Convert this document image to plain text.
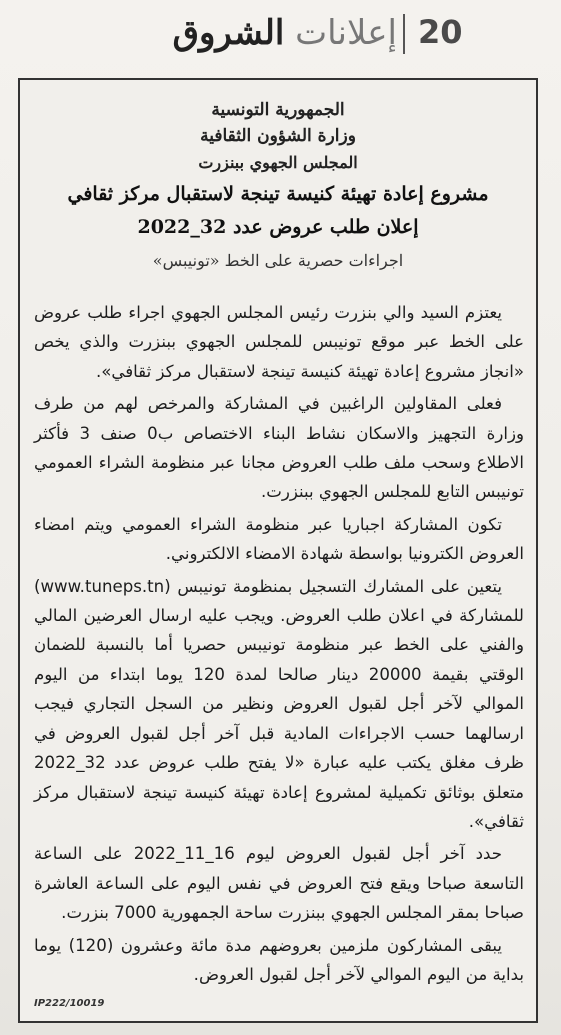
إعلانات الشروق	20
الجمهورية التونسية
وزارة الشؤون الثقافية
المجلس الجهوي ببنزرت
مشروع إعادة تهيئة كنيسة تينجة لاستقبال مركز ثقافي
إعلان طلب عروض عدد 32_2022
اجراءات حصرية على الخط «تونيبس»

يعتزم السيد والي بنزرت رئيس المجلس الجهوي اجراء طلب عروض على الخط عبر موقع تونيبس للمجلس الجهوي ببنزرت والذي يخص «انجاز مشروع إعادة تهيئة كنيسة تينجة لاستقبال مركز ثقافي».

فعلى المقاولين الراغبين في المشاركة والمرخص لهم من طرف وزارة التجهيز والاسكان نشاط البناء الاختصاص ب0 صنف 3 فأكثر الاطلاع وسحب ملف طلب العروض مجانا عبر منظومة الشراء العمومي تونيبس التابع للمجلس الجهوي ببنزرت.

تكون المشاركة اجباريا عبر منظومة الشراء العمومي ويتم امضاء العروض الكترونيا بواسطة شهادة الامضاء الالكتروني.

يتعين على المشارك التسجيل بمنظومة تونيبس (www.tuneps.tn) للمشاركة في اعلان طلب العروض. ويجب عليه ارسال العرضين المالي والفني على الخط عبر منظومة تونيبس حصريا أما بالنسبة للضمان الوقتي بقيمة 20000 دينار صالحا لمدة 120 يوما ابتداء من اليوم الموالي لآخر أجل لقبول العروض ونظير من السجل التجاري فيجب ارسالهما حسب الاجراءات المادية قبل آخر أجل لقبول العروض في ظرف مغلق يكتب عليه عبارة «لا يفتح طلب عروض عدد 32_2022 متعلق بوثائق تكميلية لمشروع إعادة تهيئة كنيسة تينجة لاستقبال مركز ثقافي».

حدد آخر أجل لقبول العروض ليوم 16_11_2022 على الساعة التاسعة صباحا ويقع فتح العروض في نفس اليوم على الساعة العاشرة صباحا بمقر المجلس الجهوي ببنزرت ساحة الجمهورية 7000 بنزرت.

يبقى المشاركون ملزمين بعروضهم مدة مائة وعشرون (120) يوما بداية من اليوم الموالي لآخر أجل لقبول العروض.

IP222/10019
